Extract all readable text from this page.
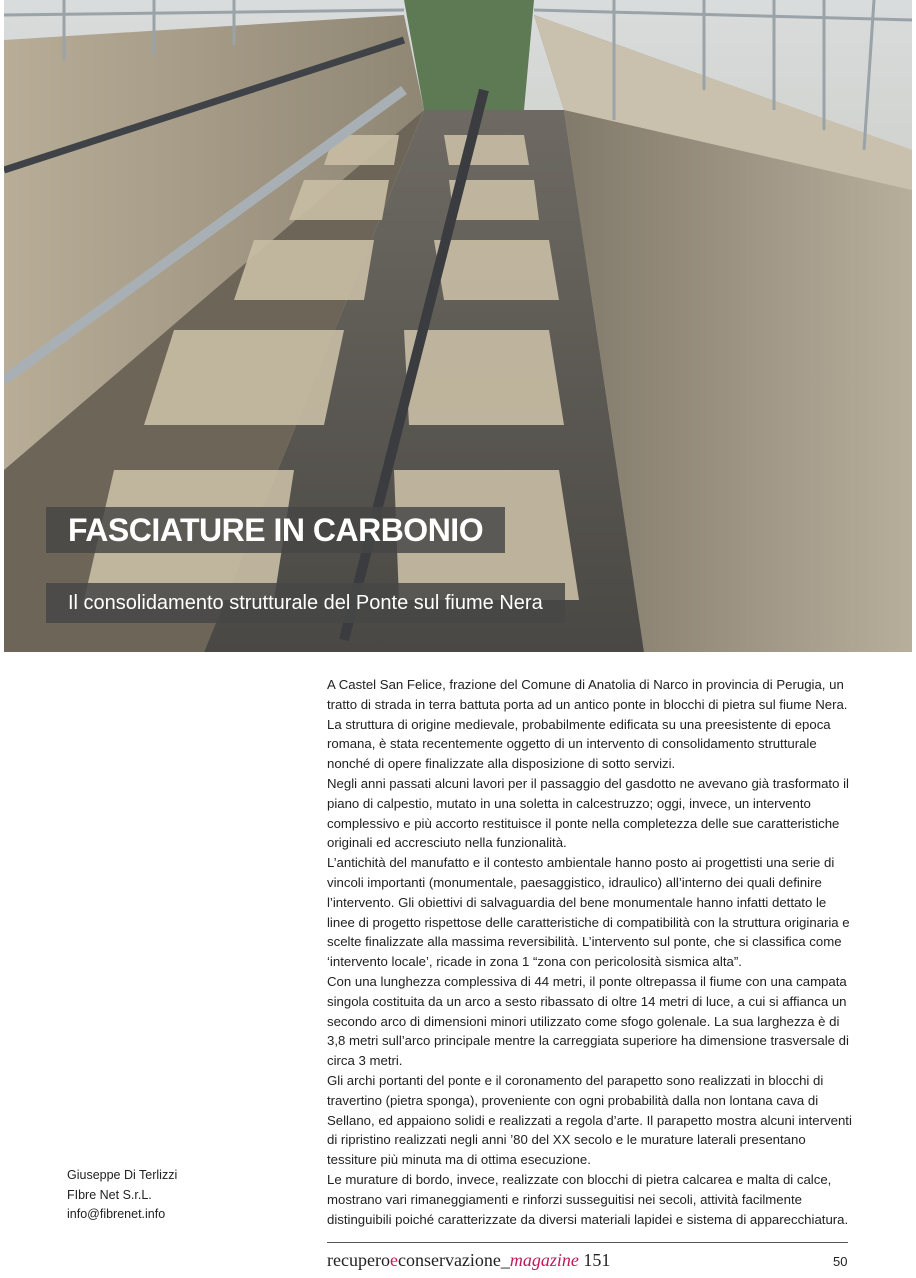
FASCIATURE IN CARBONIO
Il consolidamento strutturale del Ponte sul fiume Nera

A Castel San Felice, frazione del Comune di Anatolia di Narco in provincia di Perugia, un tratto di strada in terra battuta porta ad un antico ponte in blocchi di pietra sul fiume Nera. La struttura di origine medievale, probabilmente edificata su una preesistente di epoca romana, è stata recentemente oggetto di un intervento di consolidamento strutturale nonché di opere finalizzate alla disposizione di sotto servizi.

Negli anni passati alcuni lavori per il passaggio del gasdotto ne avevano già trasformato il piano di calpestio, mutato in una soletta in calcestruzzo; oggi, invece, un intervento complessivo e più accorto restituisce il ponte nella completezza delle sue caratteristiche originali ed accresciuto nella funzionalità.

L’antichità del manufatto e il contesto ambientale hanno posto ai progettisti una serie di vincoli importanti (monumentale, paesaggistico, idraulico) all’interno dei quali definire l’intervento. Gli obiettivi di salvaguardia del bene monumentale hanno infatti dettato le linee di progetto rispettose delle caratteristiche di compatibilità con la struttura originaria e scelte finalizzate alla massima reversibilità. L’intervento sul ponte, che si classifica come ‘intervento locale’, ricade in zona 1 “zona con pericolosità sismica alta”.

Con una lunghezza complessiva di 44 metri, il ponte oltrepassa il fiume con una campata singola costituita da un arco a sesto ribassato di oltre 14 metri di luce, a cui si affianca un secondo arco di dimensioni minori utilizzato come sfogo golenale. La sua larghezza è di 3,8 metri sull’arco principale mentre la carreggiata superiore ha dimensione trasversale di circa 3 metri.

Gli archi portanti del ponte e il coronamento del parapetto sono realizzati in blocchi di travertino (pietra sponga), proveniente con ogni probabilità dalla non lontana cava di Sellano, ed appaiono solidi e realizzati a regola d’arte. Il parapetto mostra alcuni interventi di ripristino realizzati negli anni ’80 del XX secolo e le murature laterali presentano tessiture più minuta ma di ottima esecuzione.

Le murature di bordo, invece, realizzate con blocchi di pietra calcarea e malta di calce, mostrano vari rimaneggiamenti e rinforzi susseguitisi nei secoli, attività facilmente distinguibili poiché caratterizzate da diversi materiali lapidei e sistema di apparecchiatura.

Giuseppe Di Terlizzi
FIbre Net S.r.L.
info@fibrenet.info
recuperoeconservazione_magazine 151	50
